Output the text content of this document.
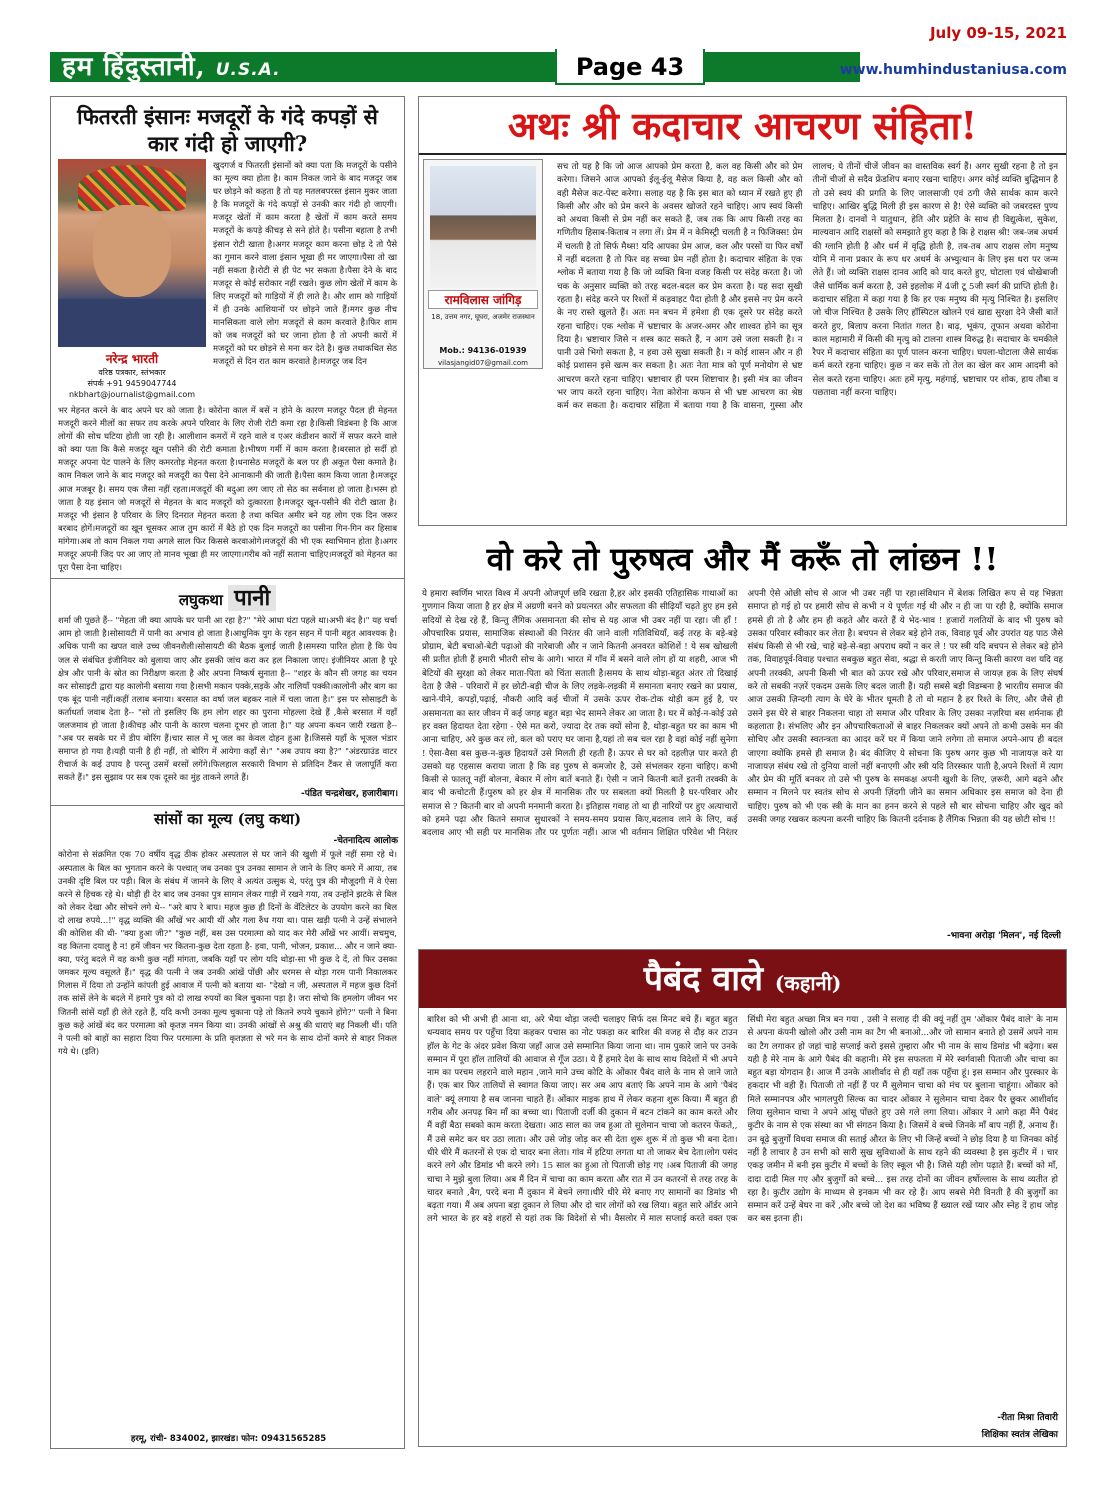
हम हिंदुस्तानी, U.S.A.	Page 43
July 09-15, 2021
www.humhindustaniusa.com
फितरती इंसानः मजदूरों के गंदे कपड़ों से कार गंदी हो जाएगी?
नरेन्द्र भारती
वरिष्ठ पत्रकार, स्तंभकार
संपर्क +91 9459047744
nkbhart@journalist@gmail.com
खुदगर्ज व फितरती इंसानों को क्या पता कि मजदूरों के पसीने का मूल्य क्या होता है। काम निकल जाने के बाद मजदूर जब घर छोड़ने को कहता है तो यह मतलबपरस्त इंसान मुकर जाता है कि मजदूरों के गंदे कपड़ों से उनकी कार गंदी हो जाएगी। मजदूर खेतों में काम करता है खेतों में काम करते समय मजदूरों के कपड़े कीचड़ से सने होते है। पसीना बहाता है तभी इंसान रोटी खाता है।अगर मजदूर काम करना छोड़ दे तो पैसे का गुमान करने वाला इंसान भूखा ही मर जाएगा।पैसा तो खा नहीं सकता है।रोटी से ही पेट भर सकता है।पैसा देने के बाद मजदूर से कोई सरोकार नहीं रखते। कुछ लोग खेतों में काम के लिए मजदूरों को गाड़ियों में ही लाते है। और शाम को गाड़ियों में ही उनके आशियानों पर छोड़ने जाते हैं।मगर कुछ नीच मानसिकता वाले लोग मजदूरों से काम करवाते है।फिर शाम को जब मजदूरों को घर जाना होता है तो अपनी कारों में मजदूरों को घर छोड़ने से मना कर देते है। कुछ तथाकथित सेठ मजदूरों से दिन रात काम करवाते है।मजदूर जब दिन
भर मेहनत करने के बाद अपने घर को जाता है। कोरोना काल में बसें न होने के कारण मजदूर पैदल ही मेहनत मजदूरी करने मीलों का सफर तय करके अपने परिवार के लिए रोजी रोटी कमा रहा है।किसी विडंबना है कि आज लोगों की सोच घटिया होती जा रही है। आलीशान कमरों में रहने वाले व एअर कंडीशन कारों में सफर करने वाले को क्या पता कि कैसे मजदूर खून पसीने की रोटी कमाता है।भीषण गर्मी में काम करता है।बरसात हो सर्दी हो मजदूर अपना पेट पालने के लिए कमरतोड़ मेहनत करता है।धनासेठ मजदूरों के बल पर ही अकूत पैसा कमाते है।काम निकल जाने के बाद मजदूर को मजदूरी का पैसा देने आनाकानी की जाती है।पैसा काम किया जाता है।मजदूर आज मजबूर है। समय एक जैसा नहीं रहता।मजदूरों की बदुआ लग जाए तो सेठ का सर्वनाश हो जाता है।भस्म हो जाता है यह इंसान जो मजदूरों से मेहनत के बाद मजदूरों को दुत्कारता है।मजदूर खून-पसीने की रोटी खाता है।मजदूर भी इंसान है परिवार के लिए दिनरात मेहनत करता है तथा कथित अमीर बने यह लोग एक दिन जरूर बरबाद होगें।मजदूरों का खून चूसकर आज तुम कारों में बैठे हो एक दिन मजदूरों का पसीना गिन-गिन कर हिसाब मांगेगा।अब तो काम निकल गया अगले साल फिर किससे करवाओगे।मजदूरों की भी एक स्वाभिमान होता है।अगर मजदूर अपनी जिद पर आ जाए तो मानव भूखा ही मर जाएगा।गरीब को नहीं सताना चाहिए।मजदूरों को मेहनत का पूरा पैसा देना चाहिए।
लघुकथा पानी
शर्मा जी पूछते हैं-- "मेहता जी क्या आपके घर पानी आ रहा है?" "मेरे आधा घंटा पहले था।अभी बंद है।" यह चर्चा आम हो जाती है।सोसायटी में पानी का अभाव हो जाता है।आधुनिक युग के रहन सहन में पानी बहुत आवश्यक है। अधिक पानी का खपत वाले उच्च जीवनशैली।सोसायटी की बैठक बुलाई जाती है।समस्या पारित होता है कि पेय जल से संबंधित इंजीनियर को बुलाया जाए और इसकी जांच करा कर हल निकाला जाए। इंजीनियर आता है पूरे क्षेत्र और पानी के स्रोत का निरीक्षण करता है और अपना निष्कर्ष सुनाता है-- "शहर के कौन सी जगह का चयन कर सोसाइटी द्वारा यह कालोनी बसाया गया है।सभी मकान पक्के,सड़कें और नालियाँ पक्की।कालोनी और बाग का एक बूंद पानी नहीं।कहीं तलाब बनाया। बरसात का वर्षा जल बहकर नाले में चला जाता है।" इस पर सोसाइटी के कर्ताधर्ता जवाब देता है-- "सो तो इसलिए कि हम लोग शहर का पुराना मोहल्ला देखे हैं ,कैसे बरसात में वहाँ जलजमाव हो जाता है।कीचड़ और पानी के कारण चलना दूभर हो जाता है।" यह अपना कथन जारी रखता है-- "अब पर सबके घर में डीप बोरिंग हैं।चार साल में भू जल का केवल दोहन हुआ है।जिससे यहाँ के भूजल भंडार समाप्त हो गया है।यही पानी है ही नहीं, तो बोरिंग में आयेगा कहाँ से।" "अब उपाय क्या है?" "अंडरग्राउंड वाटर रीचार्ज के कई उपाय है परन्तु उसमें बरसों लगेंगे।फिलहाल सरकारी विभाग से प्रतिदिन टैंकर से जलापूर्ति करा सकते हैं।" इस सुझाव पर सब एक दूसरे का मुंह ताकने लगते हैं।
-पंडित चन्द्रशेखर, हजारीबाग।
सांसों का मूल्य (लघु कथा)
-चेतनादित्य आलोक
कोरोना से संक्रमित एक 70 वर्षीय वृद्ध ठीक होकर अस्पताल से घर जाने की खुशी में फूले नहीं समा रहे थे। अस्पताल के बिल का भुगतान करने के पश्चात् जब उनका पुत्र उनका सामान ले जाने के लिए कमरे में आया, तब उनकी दृष्टि बिल पर पड़ी। बिल के संबंध में जानने के लिए वे अत्यंत उत्सुक थे, परंतु पुत्र की मौजूदगी में वे ऐसा करने से हिचक रहे थे। थोड़ी ही देर बाद जब उनका पुत्र सामान लेकर गाड़ी में रखने गया, तब उन्होंने झटके से बिल को लेकर देखा और सोचने लगे थे-- "अरे बाप रे बाप। महज कुछ ही दिनों के वेंटिलेटर के उपयोग करने का बिल दो लाख रुपये...!" वृद्ध व्यक्ति की आँखें भर आयी थीं और गला रुँध गया था। पास खड़ी पत्नी ने उन्हें संभालने की कोशिश की थी- "क्या हुआ जी?" "कुछ नहीं, बस उस परमात्मा को याद कर मेरी आँखें भर आयीं। सचमुच, वह कितना दयालु है न! हमें जीवन भर कितना-कुछ देता रहता है- हवा, पानी, भोजन, प्रकाश... और न जाने क्या-क्या, परंतु बदले में वह कभी कुछ नहीं मांगता, जबकि यहाँ पर लोग यदि थोड़ा-सा भी कुछ दे दें, तो फिर उसका जमकर मूल्य वसूलते हैं।" वृद्ध की पत्नी ने जब उनकी आंखें पोंछी और धरमस से थोड़ा गरम पानी निकालकर गिलास में दिया तो उन्होंने कांपती हुई आवाज में पत्नी को बताया था- "देखो न जी, अस्पताल में महज कुछ दिनों तक सांसें लेने के बदले में हमारे पुत्र को दो लाख रुपयों का बिल चुकाना पड़ा है। जरा सोचो कि हमलोग जीवन भर जितनी सांसें यहाँ ही लेते रहते हैं, यदि कभी उनका मूल्य चुकाना पड़े तो कितने रुपये चुकाने होंगे?" पत्नी ने बिना कुछ कहे आंखें बंद कर परमात्मा को कृतज्ञ नमन किया था। उनकी आंखों से अश्रु की धाराएं बह निकली थीं। पति ने पत्नी को बाहों का सहारा दिया फिर परमात्मा के प्रति कृतज्ञता से भरे मन के साथ दोनों कमरे से बाहर निकल गये थे। (इति)
हरमू, रांची- 834002, झारखंड। फोन: 09431565285
अथः श्री कदाचार आचरण संहिता!
रामविलास जांगिड़
18, उत्तम नगर, घूघरा, अजमेर राजस्थान
Mob.: 94136-01939
vilasjangid07@gmail.com
सच तो यह है कि जो आज आपको प्रेम करता है, कल वह किसी और को प्रेम करेगा। जिसने आज आपको ईलू-ईलू मैसेज किया है, वह कल किसी और को वही मैसेज कट-पेस्ट करेगा। सलाह यह है कि इस बात को ध्यान में रखते हुए ही किसी और और को प्रेम करने के अवसर खोजते रहने चाहिए। आप स्वयं किसी को अथवा किसी से प्रेम नहीं कर सकते हैं, जब तक कि आप किसी तरह का गणितीय हिसाब-किताब न लगा लें। प्रेम में न केमिस्ट्री चलती है न फिजिक्स! प्रेम में चलती है तो सिर्फ मैथ्स! यदि आपका प्रेम आज, कल और परसों या फिर वर्षों में नहीं बदलता है तो फिर वह सच्चा प्रेम नहीं होता है। कदाचार संहिता के एक श्लोक में बताया गया है कि जो व्यक्ति बिना वजह किसी पर संदेह करता है। जो चक के अनुसार व्यक्ति को तरह बदल-बदल कर प्रेम करता है। यह सदा सुखी रहता है। संदेह करने पर रिश्तों में कड़वाहट पैदा होती है और इससे नए प्रेम करने के नए रास्ते खुलते हैं। अतः मन बचन में हमेशा ही एक दूसरे पर संदेह करते रहना चाहिए। एक श्लोक में भ्रष्टाचार के अजर-अमर और शाश्वत होने का सूत्र दिया है। भ्रष्टाचार जिसे न शस्त्र काट सकते हैं, न आग उसे जला सकती है। न पानी उसे भिगो सकता है, न हवा उसे सुखा सकती है। न कोई शासन और न ही कोई प्रशासन इसे खत्म कर सकता है। अतः नेता मात्र को पूर्ण मनोयोग से भ्रष्ट आचरण करते रहना चाहिए। भ्रष्टाचार ही परम शिष्टाचार है। इसी मंत्र का जीवन भर जाप करते रहना चाहिए। नेता कोरोना कफन से भी भ्रष्ट आचरण का श्रेष्ठ कर्म कर सकता है। कदाचार संहिता में बताया गया है कि वासना, गुस्सा और लालच; ये तीनों चीजें जीवन का वास्तविक स्वर्ग हैं। अगर सुखी रहना है तो इन तीनों चीजों से सदैव फ्रेंडशिप बनाए रखना चाहिए। अगर कोई व्यक्ति बुद्धिमान है तो उसे स्वयं की प्रगति के लिए जालसाजी एवं ठगी जैसे सार्थक काम करने चाहिए। आखिर बुद्धि मिली ही इस कारण से है! ऐसे व्यक्ति को जबरदस्त पुण्य मिलता है। दानवों ने यातुधान, हेति और प्रहेति के साथ ही विद्युत्केश, सुकेश, माल्यवान आदि राक्षसों को समझाते हुए कहा है कि हे राक्षस श्री! जब-जब अधर्म की ग्लानि होती है और धर्म में वृद्धि होती है, तब-तब आप राक्षस लोग मनुष्य योनि में नाना प्रकार के रूप धर अधर्म के अभ्युत्थान के लिए इस धरा पर जन्म लेते हैं। जो व्यक्ति राक्षस दानव आदि को याद करते हुए, घोटाला एवं धोखेबाजी जैसे धार्मिक कर्म करता है, उसे इहलोक में 4जी टू 5जी स्वर्ग की प्राप्ति होती है। कदाचार संहिता में कहा गया है कि हर एक मनुष्य की मृत्यु निश्चित है। इसलिए जो चीज निश्चित है उसके लिए हॉस्पिटल खोलने एवं खाद्य सुरक्षा देने जैसी बातें करते हुए, बिलाप करना नितांत गलत है। बाढ़, भूकंप, तूफान अथवा कोरोना काल महामारी में किसी की मृत्यु को टालना शास्त्र विरुद्ध है। सदाचार के चमकीले रैपर में कदाचार संहिता का पूर्ण पालन करना चाहिए। घपला-घोटाला जैसे सार्थक कर्म करते रहना चाहिए। कुछ न कर सकें तो तेल का खेल कर आम आदमी को सेल करते रहना चाहिए। अतः हमें मृत्यु, महंगाई, भ्रष्टाचार पर शोक, हाय तौबा व पछतावा नहीं करना चाहिए।
वो करे तो पुरुषत्व और मैं करूँ तो लांछन !!
ये हमारा स्वर्णिम भारत विश्व में अपनी ओजपूर्ण छवि रखता है,हर ओर इसकी एतिहासिक गाथाओं का गुणगान किया जाता है हर क्षेत्र में अग्रणी बनने को प्रयत्नरत और सफलता की सीढ़ियाँ चढ़ते हुए हम इसे सदियों से देख रहे हैं, किन्तु लैंगिक असमानता की सोच से यह आज भी उबर नहीं पा रहा। जी हाँ ! औपचारिक प्रयास, सामाजिक संस्थाओं की निरंतर की जाने वाली गतिविधियाँ, कई तरह के बड़े-बड़े प्रोग्राम, बेटी बचाओ-बेटी पढ़ाओ की नारेबाजी और न जाने कितनी अनवरत कोशिशें ! ये सब खोखली सी प्रतीत होती हैं हमारी भीतरी सोच के आगे। भारत में गाँव में बसने वाले लोग हों या शहरी, आज भी बेटियों की सुरक्षा को लेकर माता-पिता को चिंता सताती है।समय के साथ थोड़ा-बहुत अंतर तो दिखाई देता है जैसे - परिवारों में हर छोटी-बड़ी चीज के लिए लड़के-लड़की में समानता बनाए रखने का प्रयास, खाने-पीने, कपड़ों,पढ़ाई, नौकरी आदि कई चीजों में उसके ऊपर रोक-टोक थोड़ी कम हुई है, पर असमानता का स्तर जीवन में कई जगह बहुत बड़ा भेद सामने लेकर आ जाता है। घर में कोई-न-कोई उसे हर वक्त हिदायत देता रहेगा - ऐसे मत करो, ज्यादा देर तक क्यों सोना है, थोड़ा-बहुत घर का काम भी आना चाहिए, अरे कुछ कर लो, कल को पराए घर जाना है,यहां तो सब चल रहा है वहां कोई नहीं सुनेगा ! ऐसा-वैसा बस कुछ-न-कुछ हिदायतें उसे मिलती ही रहती हैं। ऊपर से घर को दहलीज़ पार करते ही उसको यह एहसास कराया जाता है कि वह पुरुष से कमजोर है, उसे संभलकर रहना चाहिए। कभी किसी से फालतू नहीं बोलना, बेकार में लोग बातें बनाते हैं। ऐसी न जाने कितनी बातें इतनी तरक्की के बाद भी कचोटती हैं।पुरुष को हर क्षेत्र में मानसिक तौर पर सबलता क्यों मिलती है घर-परिवार और समाज से ? कितनी बार वो अपनी मनमानी करता है। इतिहास गवाह तो था ही नारियों पर हुए अत्याचारों को हमने पढ़ा और कितने समाज सुधारकों ने समय-समय प्रयास किए,बदलाव लाने के लिए, कई बदलाव आए भी सही पर मानसिक तौर पर पूर्णतः नहीं। आज भी वर्तमान शिक्षित परिवेश भी निरंतर अपनी ऐसे ओछी सोच से आज भी उबर नहीं पा रहा।संविधान में बेशक लिखित रूप से यह भिन्नता समाप्त हो गई हो पर हमारी सोच से कभी न ये पूर्णतः गई थी और न ही जा पा रही है, क्योंकि समाज हमसे ही तो है और हम ही कहते और करते हैं ये भेद-भाव ! हजारों गलतियों के बाद भी पुरुष को उसका परिवार स्वीकार कर लेता है। बचपन से लेकर बड़े होने तक, विवाह पूर्व और उपरांत यह पाठ जैसे संबंध किसी से भी रखे, चाहे बड़े-से-बड़ा अपराध क्यों न कर ले ! पर स्त्री यदि बचपन से लेकर बड़े होने तक, विवाहपूर्व-विवाह पश्चात सबकुछ बहुत सेवा, श्रद्धा से करती जाए किन्तु किसी कारण वश यदि वह अपनी तरक्की, अपनी किसी भी बात को ऊपर रखे और परिवार,समाज से जायज़ हक के लिए संघर्ष करे तो सबकी नज़रें एकदम उसके लिए बदल जाती हैं। यही सबसे बड़ी विडम्बना है भारतीय समाज की आज उसकी ज़िन्दगी त्याग के घेरे के भीतर घूमती है तो वो महान है हर रिश्ते के लिए, और जैसे ही उसने इस घेरे से बाहर निकलना चाहा तो समाज और परिवार के लिए उसका नज़रिया बस शर्मनाक ही कहलाता है। संभलिए और इन औपचारिकताओं से बाहर निकलकर क्यों अपने तो कभी उसके मन की सोचिए और उसकी स्वतन्त्रता का आदर करें घर में किया जाने लगेगा तो समाज अपने-आप ही बदल जाएगा क्योंकि हमसे ही समाज है। बंद कीजिए ये सोचना कि पुरुष अगर कुछ भी नाजायज़ करे या नाजायज़ संबंध रखे तो दुनिया वालों नहीं बनाएगी और स्त्री यदि तिरस्कार पाती है,अपने रिश्तों में त्याग और प्रेम की मूर्ति बनकर तो उसे भी पुरुष के समकक्ष अपनी खुशी के लिए, ज़रूरी, आगे बढ़ने और सम्मान न मिलने पर स्वतंत्र सोच से अपनी ज़िंदगी जीने का समान अधिकार इस समाज को देना ही चाहिए। पुरुष को भी एक स्त्री के मान का हनन करने से पहले सौ बार सोचना चाहिए और खुद को उसकी जगह रखकर कल्पना करनी चाहिए कि कितनी दर्दनाक है लैंगिक भिन्नता की यह छोटी सोच !!
-भावना अरोड़ा 'मिलन', नई दिल्ली
पैबंद वाले (कहानी)
बारिश को भी अभी ही आना था, अरे भैया थोड़ा जल्दी चलाइए सिर्फ दस मिनट बचे हैं। बहुत बहुत धन्यवाद समय पर पहुँचा दिया कहकर पचास का नोट पकड़ा कर बारिश की वजह से दौड़ कर टाउन हॉल के गेट के अंदर प्रवेश किया जहाँ आज उसे सम्मानित किया जाना था। नाम पुकारे जाने पर उनके सम्मान में पूरा हॉल तालियों की आवाज से गूँज उठा। ये हैं हमारे देश के साथ साथ विदेशों में भी अपने नाम का परचम लहराने वाले महान ,जाने माने उच्च कोटि के ओंकार पैबंद वाले के नाम से जाने जाते हैं। एक बार फिर तालियों से स्वागत किया जाए। सर अब आप बताएं कि अपने नाम के आगे 'पैबंद वाले' क्यूं लगाया है सब जानना चाहते हैं। ओंकार माइक हाथ में लेकर कहना शुरू किया। मैं बहुत ही गरीब और अनपढ़ बिन माँ का बच्चा था। पिताजी दर्जी की दुकान में बटन टांकने का काम करते और मैं वहीं बैठा सबको काम करता देखता। आठ साल का जब हुआ तो सुलेमान चाचा जो कतरन फेंकते,, मैं उसे समेट कर घर उठा लाता। और उसे जोड़ जोड़ कर सी देता शुरू शुरू में तो कुछ भी बना देता। धीरे धीरे मैं कतरनों से एक दो चादर बना लेता। गांव में हटिया लगता था तो जाकर बेच देता।लोग पसंद करने लगे और डिमांड भी करने लगे। 15 साल का हुआ तो पिताजी छोड़ गए ।अब पिताजी की जगह चाचा ने मुझे बुला लिया। अब मैं दिन में चाचा का काम करता और रात में उन कतरनों से तरह तरह के चादर बनाते ,बैग, परदे बना मैं दुकान में बेचने लगा।धीरे धीरे मेरे बनाए गए सामानों का डिमांड भी बढ़ता गया। मैं अब अपना बड़ा दुकान ले लिया और दो चार लोगों को रख लिया। बहुत सारे ऑर्डर आने लगे भारत के हर बड़े शहरों से यहां तक कि विदेशों से भी। वैसलोर में माल सप्लाई करते वक्त एक सिंधी मेरा बहुत अच्छा मित्र बन गया , उसी ने सलाह दी की क्यूं नहीं तुम 'ओंकार पैबंद वाले' के नाम से अपना कंपनी खोलो और उसी नाम का टैग भी बनाओ...और जो सामान बनाते हो उसमें अपने नाम का टैग लगाकर हो जहां चाहे सप्लाई करो इससे तुम्हारा और भी नाम के साथ डिमांड भी बढ़ेगा। बस यही है मेरे नाम के आगे पैबंद की कहानी। मेरे इस सफलता में मेरे स्वर्गवासी पिताजी और चाचा का बहुत बड़ा योगदान है। आज मैं उनके आशीर्वाद से ही यहाँ तक पहुँचा हूं। इस सम्मान और पुरस्कार के हकदार भी वही हैं। पिताजी तो नहीं हैं पर मैं सुलेमान चाचा को मंच पर बुलाना चाहूंगा। ओंकार को मिले सम्मानपत्र और भागलपुरी सिल्क का चादर ओंकार ने सुलेमान चाचा देकर पैर छूकर आशीर्वाद लिया सुलेमान चाचा ने अपने आंसू पोंछते हुए उसे गले लगा लिया। ओंकार ने आगे कहा मैंने पैबंद कुटीर के नाम से एक संस्था का भी संगठन किया है। जिसमें वे बच्चे जिनके माँ बाप नहीं हैं, अनाथ हैं। उन बूढ़े बुजुर्गों विधवा समाज की सताई औरत के लिए भी जिन्हें बच्चों ने छोड़ दिया है या जिनका कोई नहीं है लाचार है उन सभी को सारी सुख सुविधाओं के साथ रहने की व्यवस्था है इस कुटीर में । चार एकड़ जमीन में बनी इस कुटीर में बच्चों के लिए स्कूल भी है। जिसे यही लोग पढ़ाते हैं। बच्चों को माँ, दादा दादी मिल गए और बुजुर्गों को बच्चे... इस तरह दोनों का जीवन हर्षोल्लास के साथ व्यतीत हो रहा है। कुटीर उद्योग के माध्यम से इनकम भी कर रहे हैं। आप सबसे मेरी विनती है की बुजुर्गों का सम्मान करें उन्हें बेघर ना करें ,और बच्चे जो देश का भविष्य हैं ख्याल रखें प्यार और स्नेह दें हाथ जोड़ कर बस इतना ही।
-रीता मिश्रा तिवारी
शिक्षिका स्वतंत्र लेखिका
